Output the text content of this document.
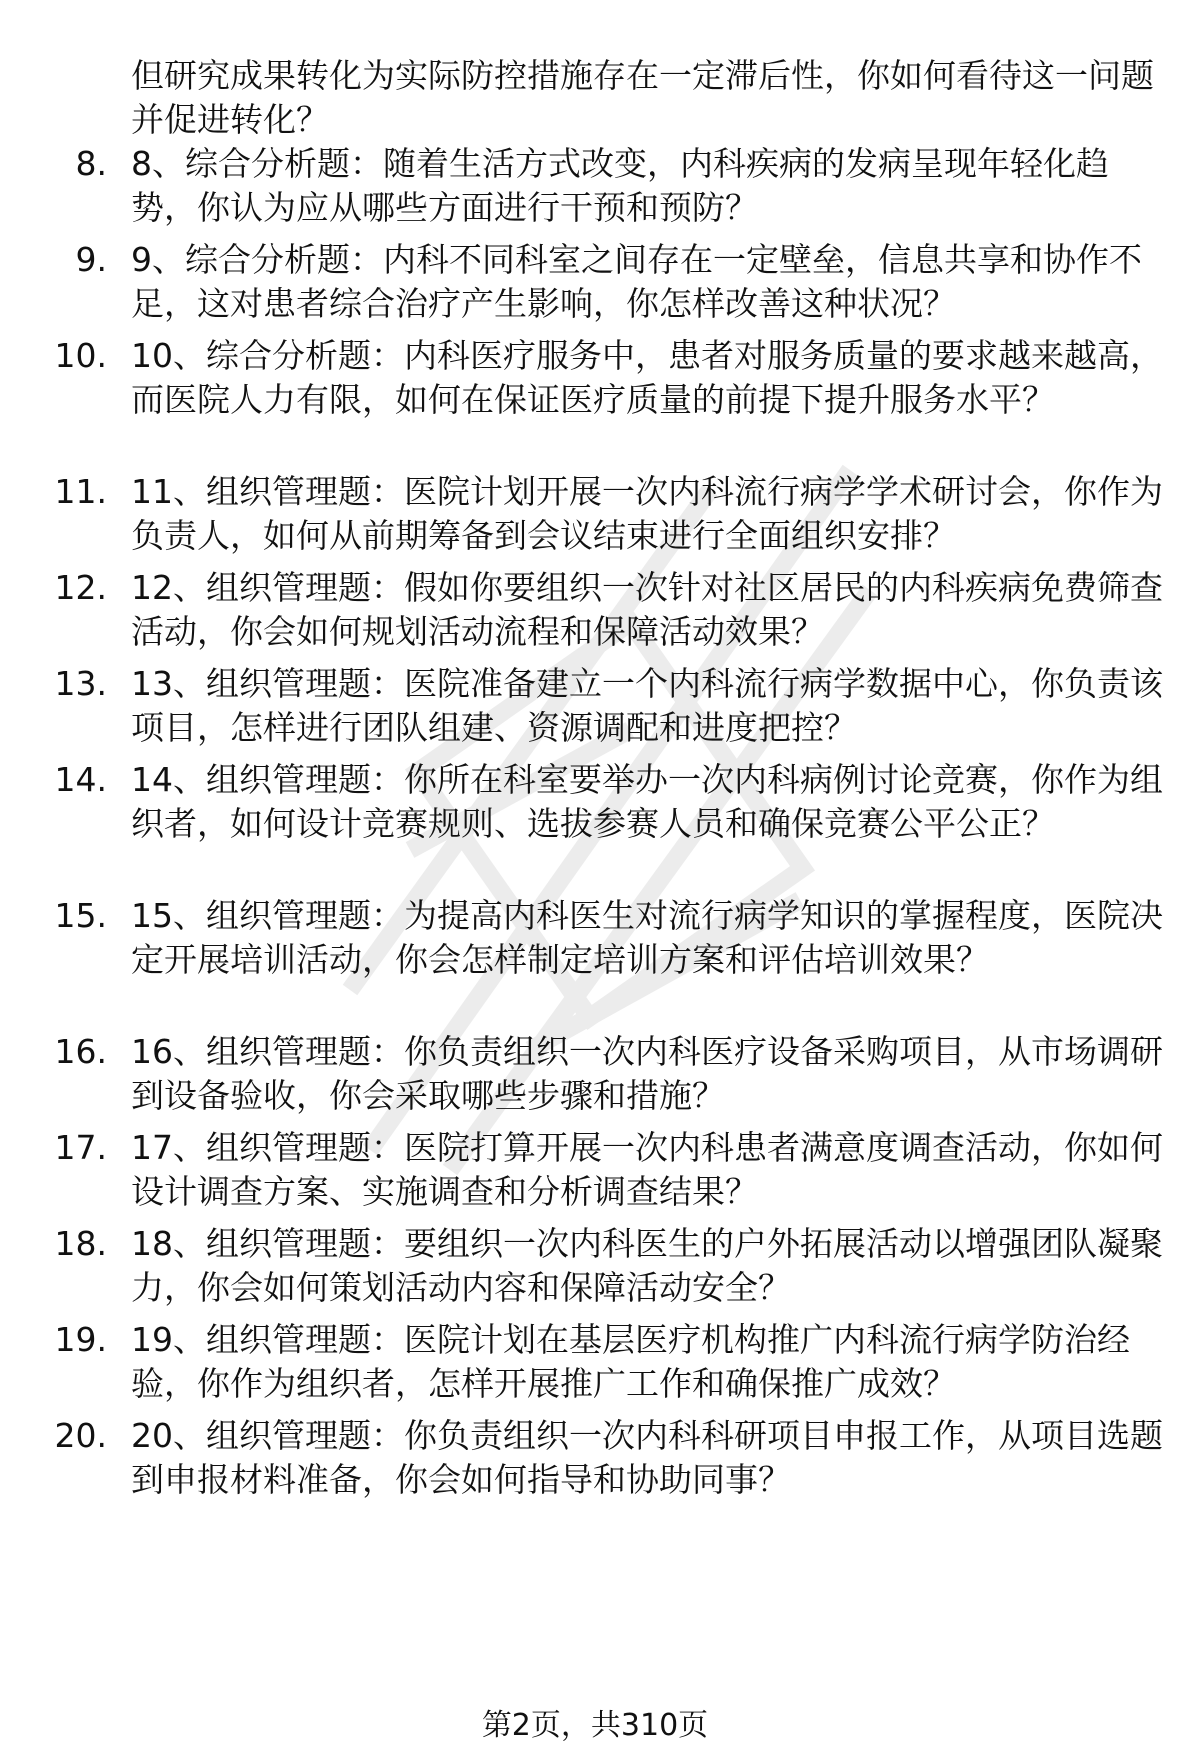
但研究成果转化为实际防控措施存在一定滞后性，你如何看待这一问题并促进转化？

8. 8、综合分析题：随着生活方式改变，内科疾病的发病呈现年轻化趋势，你认为应从哪些方面进行干预和预防？

9. 9、综合分析题：内科不同科室之间存在一定壁垒，信息共享和协作不足，这对患者综合治疗产生影响，你怎样改善这种状况？

10. 10、综合分析题：内科医疗服务中，患者对服务质量的要求越来越高，而医院人力有限，如何在保证医疗质量的前提下提升服务水平？

11. 11、组织管理题：医院计划开展一次内科流行病学学术研讨会，你作为负责人，如何从前期筹备到会议结束进行全面组织安排？

12. 12、组织管理题：假如你要组织一次针对社区居民的内科疾病免费筛查活动，你会如何规划活动流程和保障活动效果？

13. 13、组织管理题：医院准备建立一个内科流行病学数据中心，你负责该项目，怎样进行团队组建、资源调配和进度把控？

14. 14、组织管理题：你所在科室要举办一次内科病例讨论竞赛，你作为组织者，如何设计竞赛规则、选拔参赛人员和确保竞赛公平公正？

15. 15、组织管理题：为提高内科医生对流行病学知识的掌握程度，医院决定开展培训活动，你会怎样制定培训方案和评估培训效果？

16. 16、组织管理题：你负责组织一次内科医疗设备采购项目，从市场调研到设备验收，你会采取哪些步骤和措施？

17. 17、组织管理题：医院打算开展一次内科患者满意度调查活动，你如何设计调查方案、实施调查和分析调查结果？

18. 18、组织管理题：要组织一次内科医生的户外拓展活动以增强团队凝聚力，你会如何策划活动内容和保障活动安全？

19. 19、组织管理题：医院计划在基层医疗机构推广内科流行病学防治经验，你作为组织者，怎样开展推广工作和确保推广成效？

20. 20、组织管理题：你负责组织一次内科科研项目申报工作，从项目选题到申报材料准备，你会如何指导和协助同事？

第2页，共310页
